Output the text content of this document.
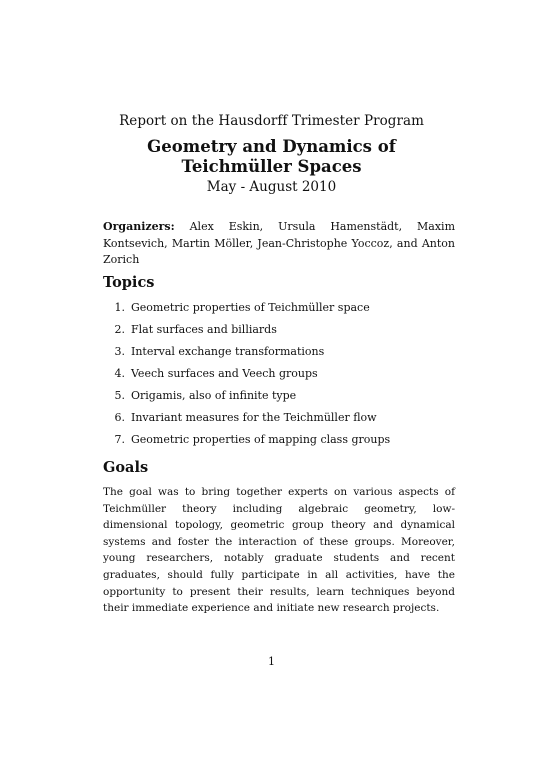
Report on the Hausdorff Trimester Program
Geometry and Dynamics of
Teichmüller Spaces
May - August 2010
Organizers: Alex Eskin, Ursula Hamenstädt, Maxim Kontsevich, Martin Möller, Jean-Christophe Yoccoz, and Anton Zorich
Topics
1. Geometric properties of Teichmüller space
2. Flat surfaces and billiards
3. Interval exchange transformations
4. Veech surfaces and Veech groups
5. Origamis, also of infinite type
6. Invariant measures for the Teichmüller flow
7. Geometric properties of mapping class groups
Goals
The goal was to bring together experts on various aspects of Teichmüller theory including algebraic geometry, low-dimensional topology, geometric group theory and dynamical systems and foster the interaction of these groups. Moreover, young researchers, notably graduate students and recent graduates, should fully participate in all activities, have the opportunity to present their results, learn techniques beyond their immediate experience and initiate new research projects.
1
